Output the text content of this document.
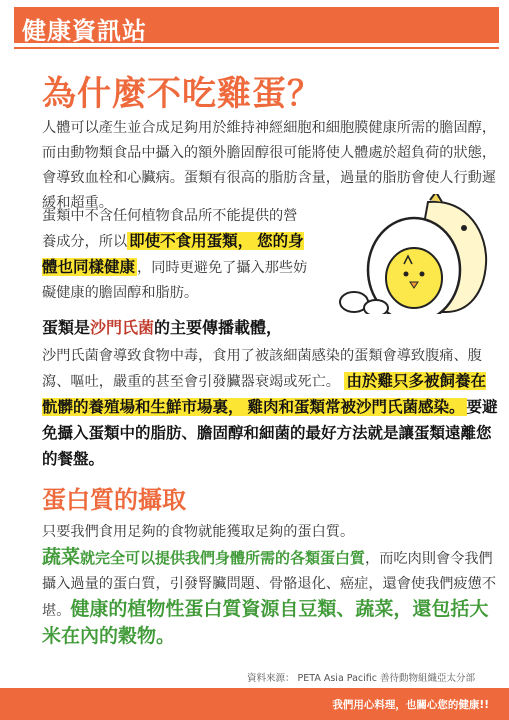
健康資訊站
為什麼不吃雞蛋？
人體可以產生並合成足夠用於維持神經細胞和細胞膜健康所需的膽固醇，而由動物類食品中攝入的額外膽固醇很可能將使人體處於超負荷的狀態，會導致血栓和心臟病。蛋類有很高的脂肪含量，過量的脂肪會使人行動遲緩和超重。
蛋類中不含任何植物食品所不能提供的營養成分，所以 即使不食用蛋類， 您的身體也同樣健康 ，同時更避免了攝入那些妨礙健康的膽固醇和脂肪。
蛋類是沙門氏菌的主要傳播載體，
沙門氏菌會導致食物中毒，食用了被該細菌感染的蛋類會導致腹痛、腹瀉、嘔吐，嚴重的甚至會引發臟器衰竭或死亡。 由於雞只多被飼養在骯髒的養殖場和生鮮市場裏， 雞肉和蛋類常被沙門氏菌感染。 要避免攝入蛋類中的脂肪、膽固醇和細菌的最好方法就是讓蛋類遠離您的餐盤。
蛋白質的攝取
只要我們食用足夠的食物就能獲取足夠的蛋白質。
蔬菜就完全可以提供我們身體所需的各類蛋白質，而吃肉則會令我們攝入過量的蛋白質，引發腎臟問題、骨骼退化、癌症，還會使我們疲憊不堪。健康的植物性蛋白質資源自豆類、蔬菜，還包括大米在內的穀物。
資料來源： PETA Asia Pacific 善待動物組織亞太分部
我們用心料理，也關心您的健康!!
